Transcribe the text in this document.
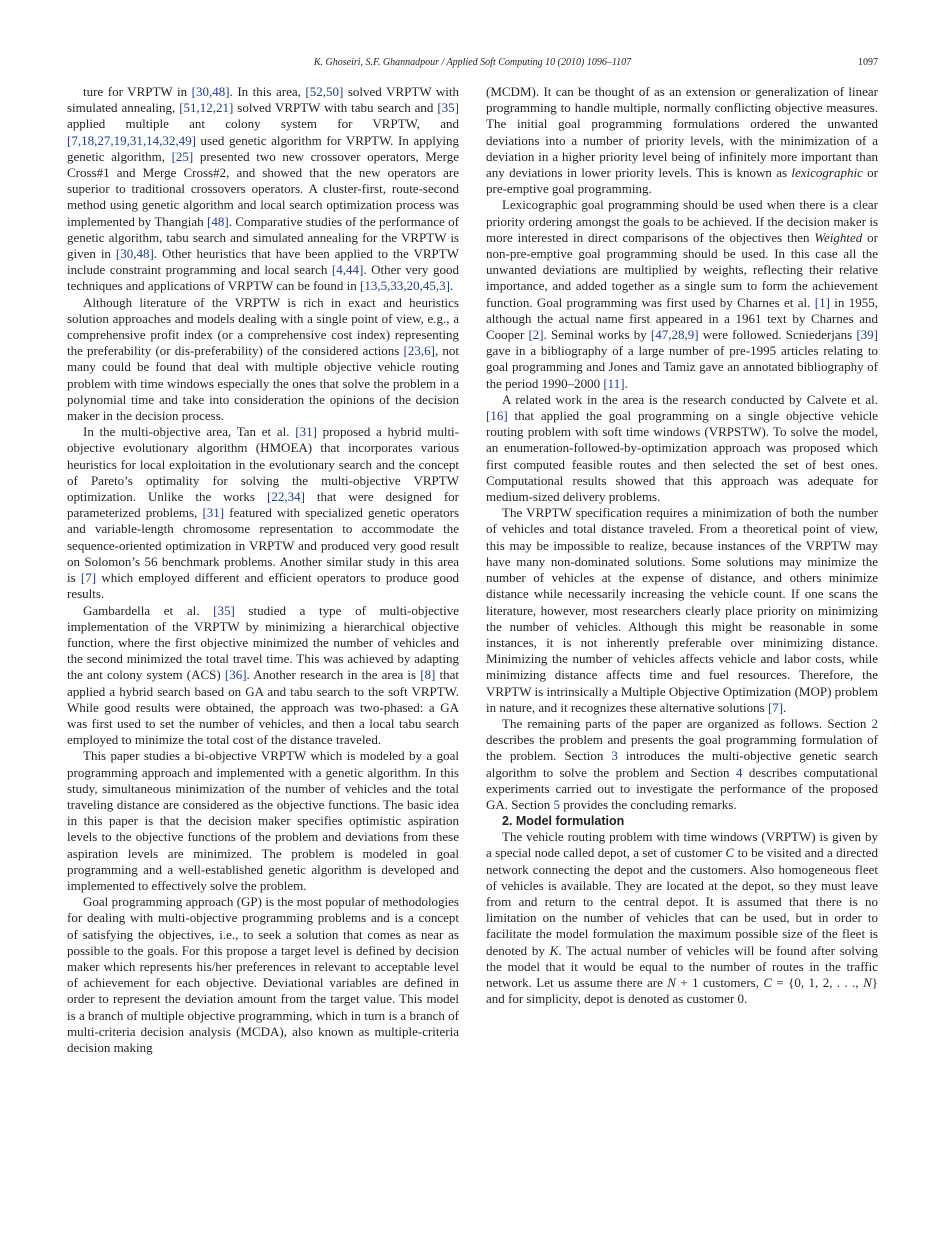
K. Ghoseiri, S.F. Ghannadpour / Applied Soft Computing 10 (2010) 1096–1107	1097

ture for VRPTW in [30,48]. In this area, [52,50] solved VRPTW with simulated annealing, [51,12,21] solved VRPTW with tabu search and [35] applied multiple ant colony system for VRPTW, and [7,18,27,19,31,14,32,49] used genetic algorithm for VRPTW. In applying genetic algorithm, [25] presented two new crossover operators, Merge Cross#1 and Merge Cross#2, and showed that the new operators are superior to traditional crossovers operators. A cluster-first, route-second method using genetic algorithm and local search optimization process was implemented by Thangiah [48]. Comparative studies of the performance of genetic algorithm, tabu search and simulated annealing for the VRPTW is given in [30,48]. Other heuristics that have been applied to the VRPTW include constraint programming and local search [4,44]. Other very good techniques and applications of VRPTW can be found in [13,5,33,20,45,3].

Although literature of the VRPTW is rich in exact and heuristics solution approaches and models dealing with a single point of view, e.g., a comprehensive profit index (or a comprehensive cost index) representing the preferability (or dis-preferability) of the considered actions [23,6], not many could be found that deal with multiple objective vehicle routing problem with time windows especially the ones that solve the problem in a polynomial time and take into consideration the opinions of the decision maker in the decision process.

In the multi-objective area, Tan et al. [31] proposed a hybrid multi-objective evolutionary algorithm (HMOEA) that incorporates various heuristics for local exploitation in the evolutionary search and the concept of Pareto’s optimality for solving the multi-objective VRPTW optimization. Unlike the works [22,34] that were designed for parameterized problems, [31] featured with specialized genetic operators and variable-length chromosome representation to accommodate the sequence-oriented optimization in VRPTW and produced very good result on Solomon’s 56 benchmark problems. Another similar study in this area is [7] which employed different and efficient operators to produce good results.

Gambardella et al. [35] studied a type of multi-objective implementation of the VRPTW by minimizing a hierarchical objective function, where the first objective minimized the number of vehicles and the second minimized the total travel time. This was achieved by adapting the ant colony system (ACS) [36]. Another research in the area is [8] that applied a hybrid search based on GA and tabu search to the soft VRPTW. While good results were obtained, the approach was two-phased: a GA was first used to set the number of vehicles, and then a local tabu search employed to minimize the total cost of the distance traveled.

This paper studies a bi-objective VRPTW which is modeled by a goal programming approach and implemented with a genetic algorithm. In this study, simultaneous minimization of the number of vehicles and the total traveling distance are considered as the objective functions. The basic idea in this paper is that the decision maker specifies optimistic aspiration levels to the objective functions of the problem and deviations from these aspiration levels are minimized. The problem is modeled in goal programming and a well-established genetic algorithm is developed and implemented to effectively solve the problem.

Goal programming approach (GP) is the most popular of methodologies for dealing with multi-objective programming problems and is a concept of satisfying the objectives, i.e., to seek a solution that comes as near as possible to the goals. For this propose a target level is defined by decision maker which represents his/her preferences in relevant to acceptable level of achievement for each objective. Deviational variables are defined in order to represent the deviation amount from the target value. This model is a branch of multiple objective programming, which in turn is a branch of multi-criteria decision analysis (MCDA), also known as multiple-criteria decision making

(MCDM). It can be thought of as an extension or generalization of linear programming to handle multiple, normally conflicting objective measures. The initial goal programming formulations ordered the unwanted deviations into a number of priority levels, with the minimization of a deviation in a higher priority level being of infinitely more important than any deviations in lower priority levels. This is known as lexicographic or pre-emptive goal programming.

Lexicographic goal programming should be used when there is a clear priority ordering amongst the goals to be achieved. If the decision maker is more interested in direct comparisons of the objectives then Weighted or non-pre-emptive goal programming should be used. In this case all the unwanted deviations are multiplied by weights, reflecting their relative importance, and added together as a single sum to form the achievement function. Goal programming was first used by Charnes et al. [1] in 1955, although the actual name first appeared in a 1961 text by Charnes and Cooper [2]. Seminal works by [47,28,9] were followed. Scniederjans [39] gave in a bibliography of a large number of pre-1995 articles relating to goal programming and Jones and Tamiz gave an annotated bibliography of the period 1990–2000 [11].

A related work in the area is the research conducted by Calvete et al. [16] that applied the goal programming on a single objective vehicle routing problem with soft time windows (VRPSTW). To solve the model, an enumeration-followed-by-optimization approach was proposed which first computed feasible routes and then selected the set of best ones. Computational results showed that this approach was adequate for medium-sized delivery problems.

The VRPTW specification requires a minimization of both the number of vehicles and total distance traveled. From a theoretical point of view, this may be impossible to realize, because instances of the VRPTW may have many non-dominated solutions. Some solutions may minimize the number of vehicles at the expense of distance, and others minimize distance while necessarily increasing the vehicle count. If one scans the literature, however, most researchers clearly place priority on minimizing the number of vehicles. Although this might be reasonable in some instances, it is not inherently preferable over minimizing distance. Minimizing the number of vehicles affects vehicle and labor costs, while minimizing distance affects time and fuel resources. Therefore, the VRPTW is intrinsically a Multiple Objective Optimization (MOP) problem in nature, and it recognizes these alternative solutions [7].

The remaining parts of the paper are organized as follows. Section 2 describes the problem and presents the goal programming formulation of the problem. Section 3 introduces the multi-objective genetic search algorithm to solve the problem and Section 4 describes computational experiments carried out to investigate the performance of the proposed GA. Section 5 provides the concluding remarks.

2. Model formulation

The vehicle routing problem with time windows (VRPTW) is given by a special node called depot, a set of customer C to be visited and a directed network connecting the depot and the customers. Also homogeneous fleet of vehicles is available. They are located at the depot, so they must leave from and return to the central depot. It is assumed that there is no limitation on the number of vehicles that can be used, but in order to facilitate the model formulation the maximum possible size of the fleet is denoted by K. The actual number of vehicles will be found after solving the model that it would be equal to the number of routes in the traffic network. Let us assume there are N + 1 customers, C = {0, 1, 2, . . ., N} and for simplicity, depot is denoted as customer 0.
